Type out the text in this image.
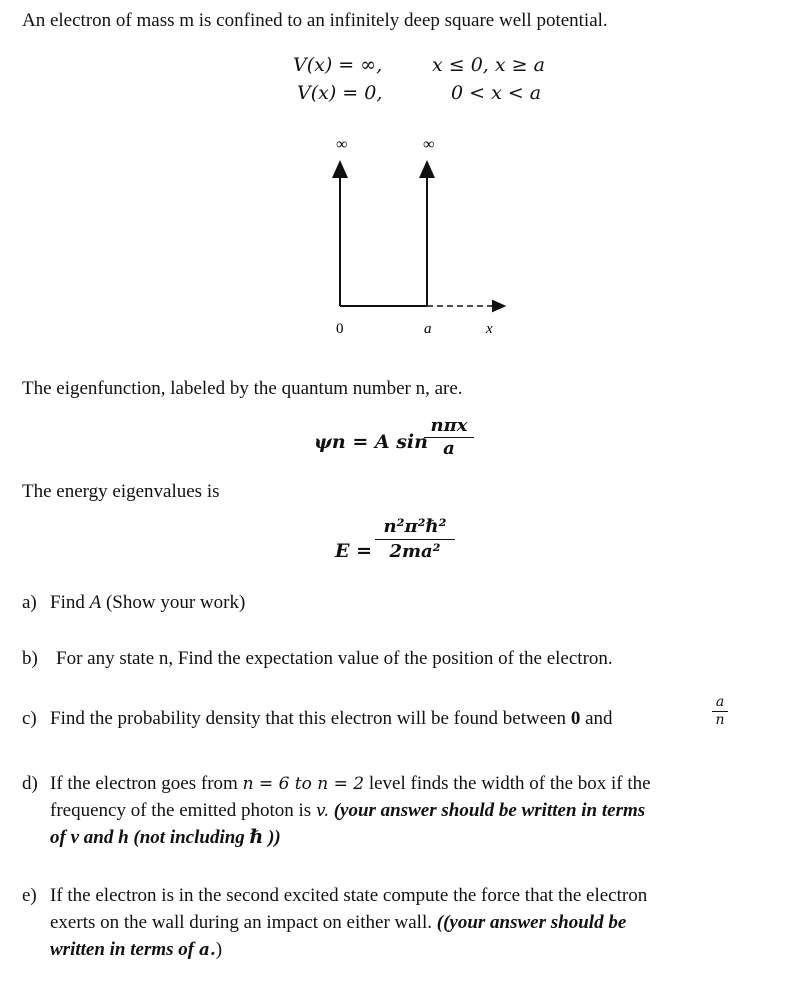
An electron of mass m is confined to an infinitely deep square well potential.
V(x) = ∞,	x ≤ 0, x ≥ a
V(x) = 0,	0 < x < a
∞	∞
0	a	x
The eigenfunction, labeled by the quantum number n, are.
ψn = A sin
nπx
a
The energy eigenvalues is
E =
n²π²ℏ²
2ma²
a) Find A (Show your work)
b) For any state n, Find the expectation value of the position of the electron.
c) Find the probability density that this electron will be found between 0 and
a
n
d) If the electron goes from n = 6 to n = 2 level finds the width of the box if the
frequency of the emitted photon is v. (your answer should be written in terms
of v and h (not including ℏ ))
e) If the electron is in the second excited state compute the force that the electron
exerts on the wall during an impact on either wall. ((your answer should be
written in terms of a.)
